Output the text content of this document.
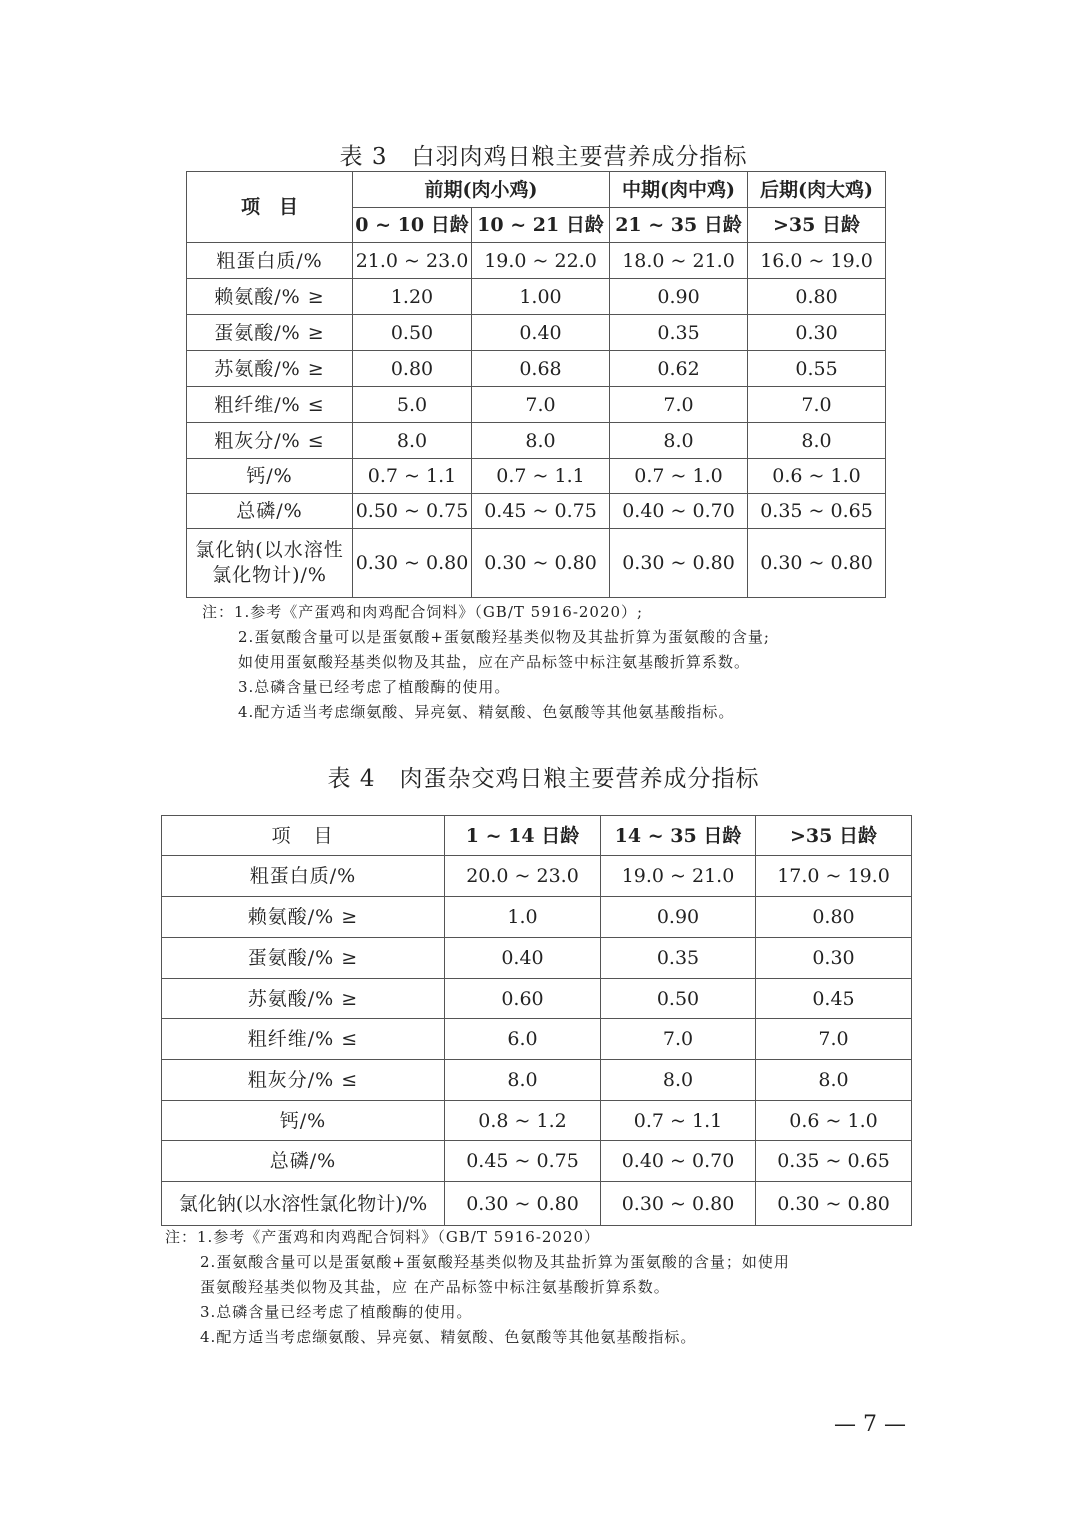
表 3　白羽肉鸡日粮主要营养成分指标
项　目	前期(肉小鸡)		中期(肉中鸡)	后期(肉大鸡)
	0 ~ 10 日龄	10 ~ 21 日龄	21 ~ 35 日龄	>35 日龄
粗蛋白质/%	21.0 ~ 23.0	19.0 ~ 22.0	18.0 ~ 21.0	16.0 ~ 19.0
赖氨酸/% ≥	1.20	1.00	0.90	0.80
蛋氨酸/% ≥	0.50	0.40	0.35	0.30
苏氨酸/% ≥	0.80	0.68	0.62	0.55
粗纤维/% ≤	5.0	7.0	7.0	7.0
粗灰分/% ≤	8.0	8.0	8.0	8.0
钙/%	0.7 ~ 1.1	0.7 ~ 1.1	0.7 ~ 1.0	0.6 ~ 1.0
总磷/%	0.50 ~ 0.75	0.45 ~ 0.75	0.40 ~ 0.70	0.35 ~ 0.65
氯化钠(以水溶性氯化物计)/%	0.30 ~ 0.80	0.30 ~ 0.80	0.30 ~ 0.80	0.30 ~ 0.80
注：1.参考《产蛋鸡和肉鸡配合饲料》（GB/T 5916-2020）;
2.蛋氨酸含量可以是蛋氨酸+蛋氨酸羟基类似物及其盐折算为蛋氨酸的含量;
如使用蛋氨酸羟基类似物及其盐，应在产品标签中标注氨基酸折算系数。
3.总磷含量已经考虑了植酸酶的使用。
4.配方适当考虑缬氨酸、异亮氨、精氨酸、色氨酸等其他氨基酸指标。
表 4　肉蛋杂交鸡日粮主要营养成分指标
项　目	1 ~ 14 日龄	14 ~ 35 日龄	>35 日龄
粗蛋白质/%	20.0 ~ 23.0	19.0 ~ 21.0	17.0 ~ 19.0
赖氨酸/% ≥	1.0	0.90	0.80
蛋氨酸/% ≥	0.40	0.35	0.30
苏氨酸/% ≥	0.60	0.50	0.45
粗纤维/% ≤	6.0	7.0	7.0
粗灰分/% ≤	8.0	8.0	8.0
钙/%	0.8 ~ 1.2	0.7 ~ 1.1	0.6 ~ 1.0
总磷/%	0.45 ~ 0.75	0.40 ~ 0.70	0.35 ~ 0.65
氯化钠(以水溶性氯化物计)/%	0.30 ~ 0.80	0.30 ~ 0.80	0.30 ~ 0.80
注：1.参考《产蛋鸡和肉鸡配合饲料》（GB/T 5916-2020）
2.蛋氨酸含量可以是蛋氨酸+蛋氨酸羟基类似物及其盐折算为蛋氨酸的含量；如使用
蛋氨酸羟基类似物及其盐，应 在产品标签中标注氨基酸折算系数。
3.总磷含量已经考虑了植酸酶的使用。
4.配方适当考虑缬氨酸、异亮氨、精氨酸、色氨酸等其他氨基酸指标。
— 7 —
